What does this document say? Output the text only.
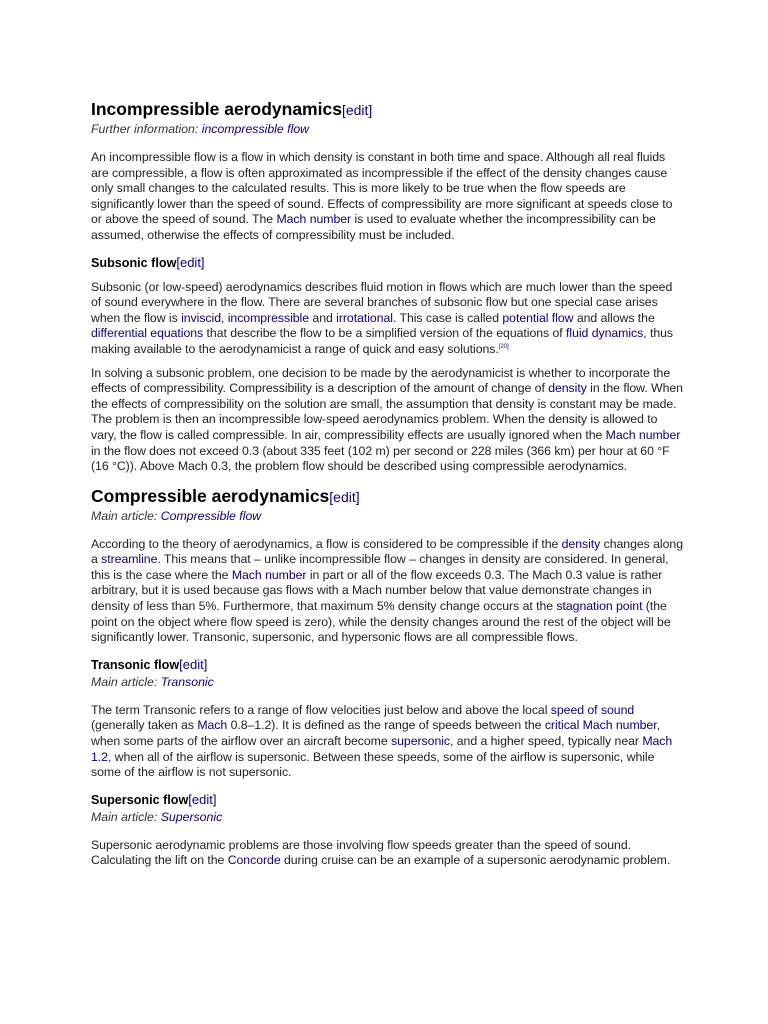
Incompressible aerodynamics[edit]
Further information: incompressible flow

An incompressible flow is a flow in which density is constant in both time and space. Although all real fluids are compressible, a flow is often approximated as incompressible if the effect of the density changes cause only small changes to the calculated results. This is more likely to be true when the flow speeds are significantly lower than the speed of sound. Effects of compressibility are more significant at speeds close to or above the speed of sound. The Mach number is used to evaluate whether the incompressibility can be assumed, otherwise the effects of compressibility must be included.

Subsonic flow[edit]

Subsonic (or low-speed) aerodynamics describes fluid motion in flows which are much lower than the speed of sound everywhere in the flow. There are several branches of subsonic flow but one special case arises when the flow is inviscid, incompressible and irrotational. This case is called potential flow and allows the differential equations that describe the flow to be a simplified version of the equations of fluid dynamics, thus making available to the aerodynamicist a range of quick and easy solutions.[20]

In solving a subsonic problem, one decision to be made by the aerodynamicist is whether to incorporate the effects of compressibility. Compressibility is a description of the amount of change of density in the flow. When the effects of compressibility on the solution are small, the assumption that density is constant may be made. The problem is then an incompressible low-speed aerodynamics problem. When the density is allowed to vary, the flow is called compressible. In air, compressibility effects are usually ignored when the Mach number in the flow does not exceed 0.3 (about 335 feet (102 m) per second or 228 miles (366 km) per hour at 60 °F (16 °C)). Above Mach 0.3, the problem flow should be described using compressible aerodynamics.

Compressible aerodynamics[edit]
Main article: Compressible flow

According to the theory of aerodynamics, a flow is considered to be compressible if the density changes along a streamline. This means that – unlike incompressible flow – changes in density are considered. In general, this is the case where the Mach number in part or all of the flow exceeds 0.3. The Mach 0.3 value is rather arbitrary, but it is used because gas flows with a Mach number below that value demonstrate changes in density of less than 5%. Furthermore, that maximum 5% density change occurs at the stagnation point (the point on the object where flow speed is zero), while the density changes around the rest of the object will be significantly lower. Transonic, supersonic, and hypersonic flows are all compressible flows.

Transonic flow[edit]
Main article: Transonic

The term Transonic refers to a range of flow velocities just below and above the local speed of sound (generally taken as Mach 0.8–1.2). It is defined as the range of speeds between the critical Mach number, when some parts of the airflow over an aircraft become supersonic, and a higher speed, typically near Mach 1.2, when all of the airflow is supersonic. Between these speeds, some of the airflow is supersonic, while some of the airflow is not supersonic.

Supersonic flow[edit]
Main article: Supersonic

Supersonic aerodynamic problems are those involving flow speeds greater than the speed of sound. Calculating the lift on the Concorde during cruise can be an example of a supersonic aerodynamic problem.
